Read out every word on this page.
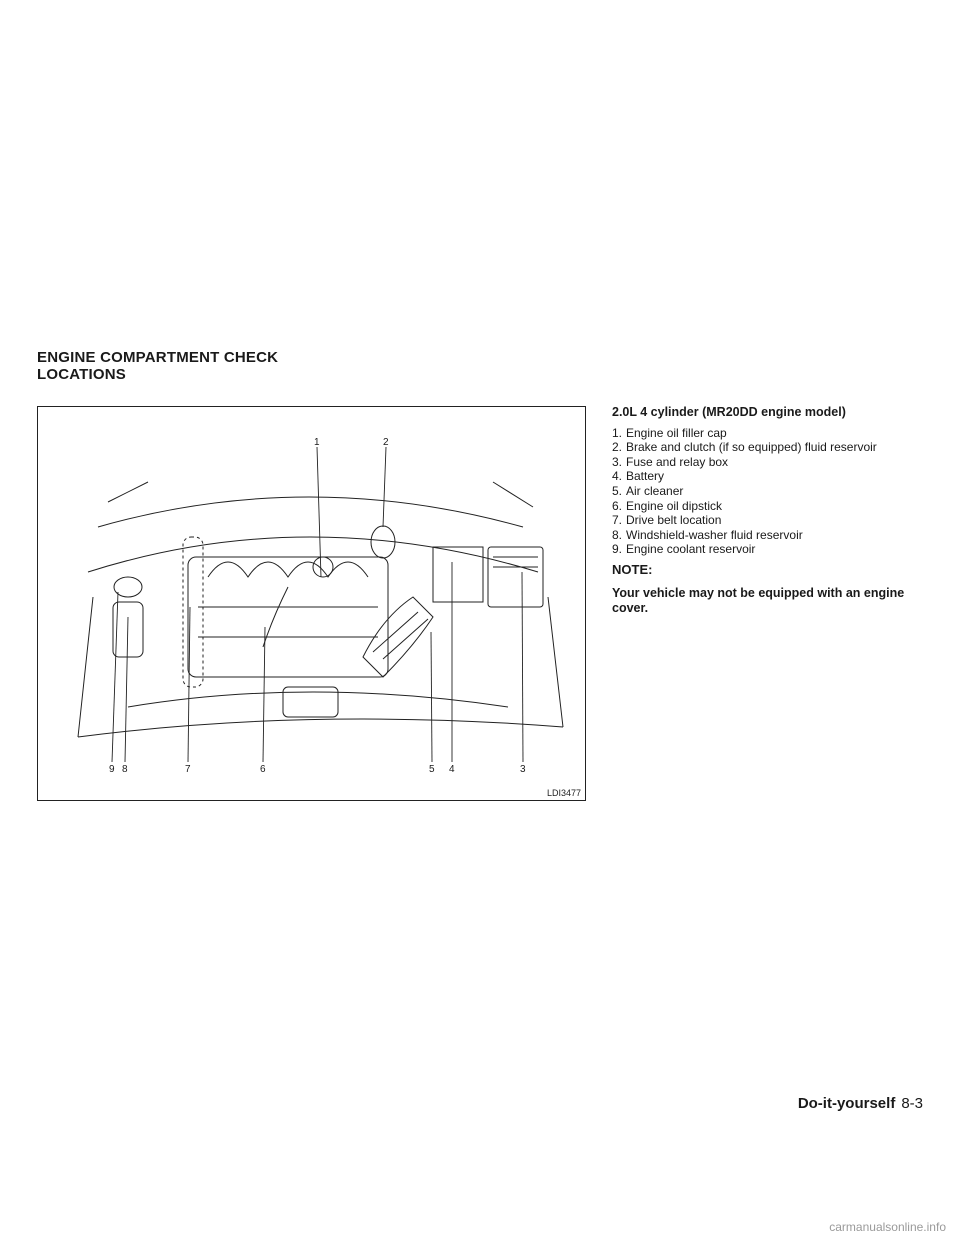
ENGINE COMPARTMENT CHECK
LOCATIONS
1	2
9 8	7	6	5 4	3
LDI3477

2.0L 4 cylinder (MR20DD engine model)

1. Engine oil filler cap
2. Brake and clutch (if so equipped) fluid reservoir
3. Fuse and relay box
4. Battery
5. Air cleaner
6. Engine oil dipstick
7. Drive belt location
8. Windshield-washer fluid reservoir
9. Engine coolant reservoir

NOTE:

Your vehicle may not be equipped with an engine cover.

Do-it-yourself 8-3
carmanualsonline.info
